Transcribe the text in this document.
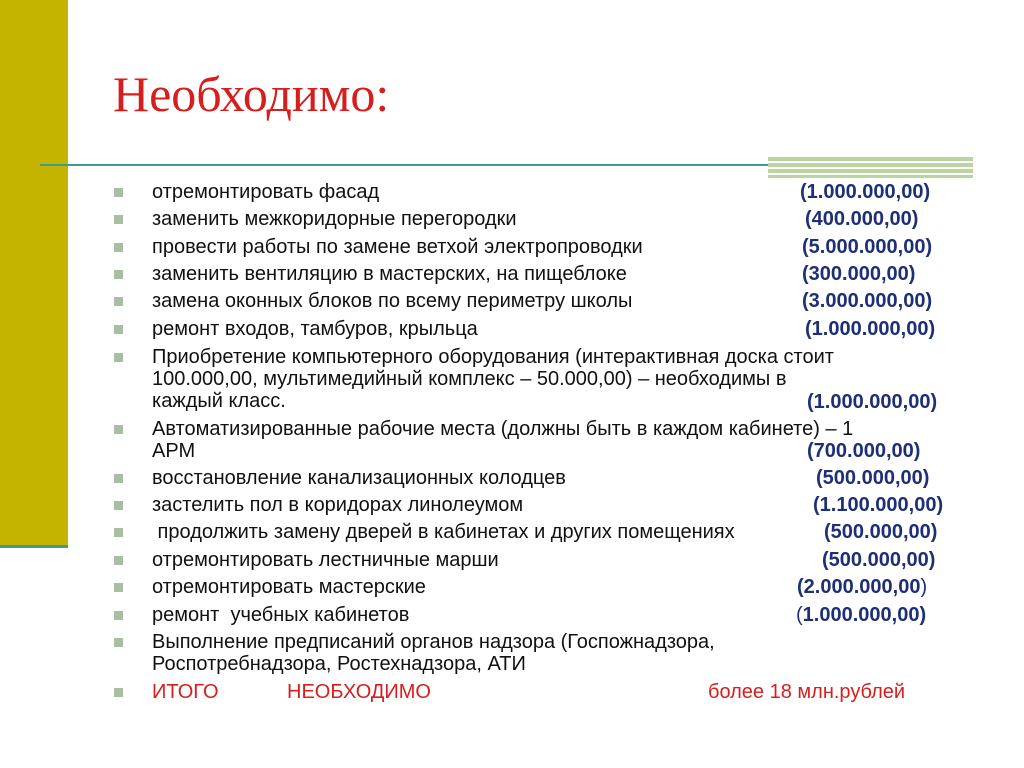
Необходимо:
отремонтировать фасад	(1.000.000,00)
заменить межкоридорные перегородки	(400.000,00)
провести работы по замене ветхой электропроводки	(5.000.000,00)
заменить вентиляцию в мастерских, на пищеблоке	(300.000,00)
замена оконных блоков по всему периметру школы	(3.000.000,00)
ремонт входов, тамбуров, крыльца	(1.000.000,00)
Приобретение компьютерного оборудования (интерактивная доска стоит
100.000,00, мультимедийный комплекс – 50.000,00) – необходимы в
каждый класс.	(1.000.000,00)
Автоматизированные рабочие места (должны быть в каждом кабинете) – 1
АРМ	(700.000,00)
восстановление канализационных колодцев	(500.000,00)
застелить пол в коридорах линолеумом	(1.100.000,00)
продолжить замену дверей в кабинетах и других помещениях	(500.000,00)
отремонтировать лестничные марши	(500.000,00)
отремонтировать мастерские	(2.000.000,00)
ремонт  учебных кабинетов	(1.000.000,00)
Выполнение предписаний органов надзора (Госпожнадзора,
Роспотребнадзора, Ростехнадзора, АТИ
ИТОГО	НЕОБХОДИМО	более 18 млн.рублей
